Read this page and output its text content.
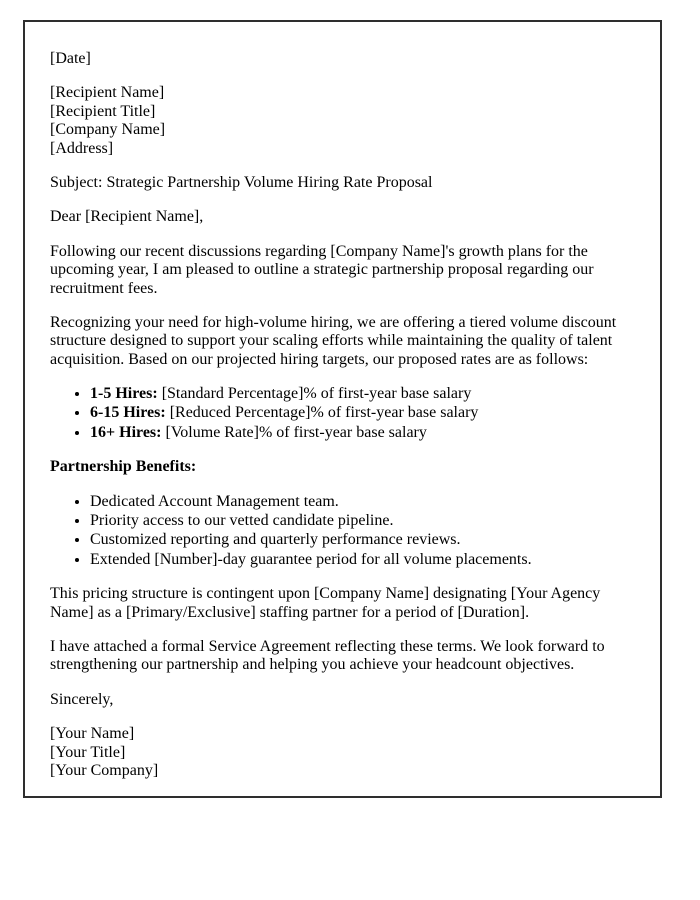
[Date]

[Recipient Name]
[Recipient Title]
[Company Name]
[Address]

Subject: Strategic Partnership Volume Hiring Rate Proposal

Dear [Recipient Name],

Following our recent discussions regarding [Company Name]'s growth plans for the upcoming year, I am pleased to outline a strategic partnership proposal regarding our recruitment fees.

Recognizing your need for high-volume hiring, we are offering a tiered volume discount structure designed to support your scaling efforts while maintaining the quality of talent acquisition. Based on our projected hiring targets, our proposed rates are as follows:

• 1-5 Hires: [Standard Percentage]% of first-year base salary
• 6-15 Hires: [Reduced Percentage]% of first-year base salary
• 16+ Hires: [Volume Rate]% of first-year base salary

Partnership Benefits:

• Dedicated Account Management team.
• Priority access to our vetted candidate pipeline.
• Customized reporting and quarterly performance reviews.
• Extended [Number]-day guarantee period for all volume placements.

This pricing structure is contingent upon [Company Name] designating [Your Agency Name] as a [Primary/Exclusive] staffing partner for a period of [Duration].

I have attached a formal Service Agreement reflecting these terms. We look forward to strengthening our partnership and helping you achieve your headcount objectives.

Sincerely,

[Your Name]
[Your Title]
[Your Company]
